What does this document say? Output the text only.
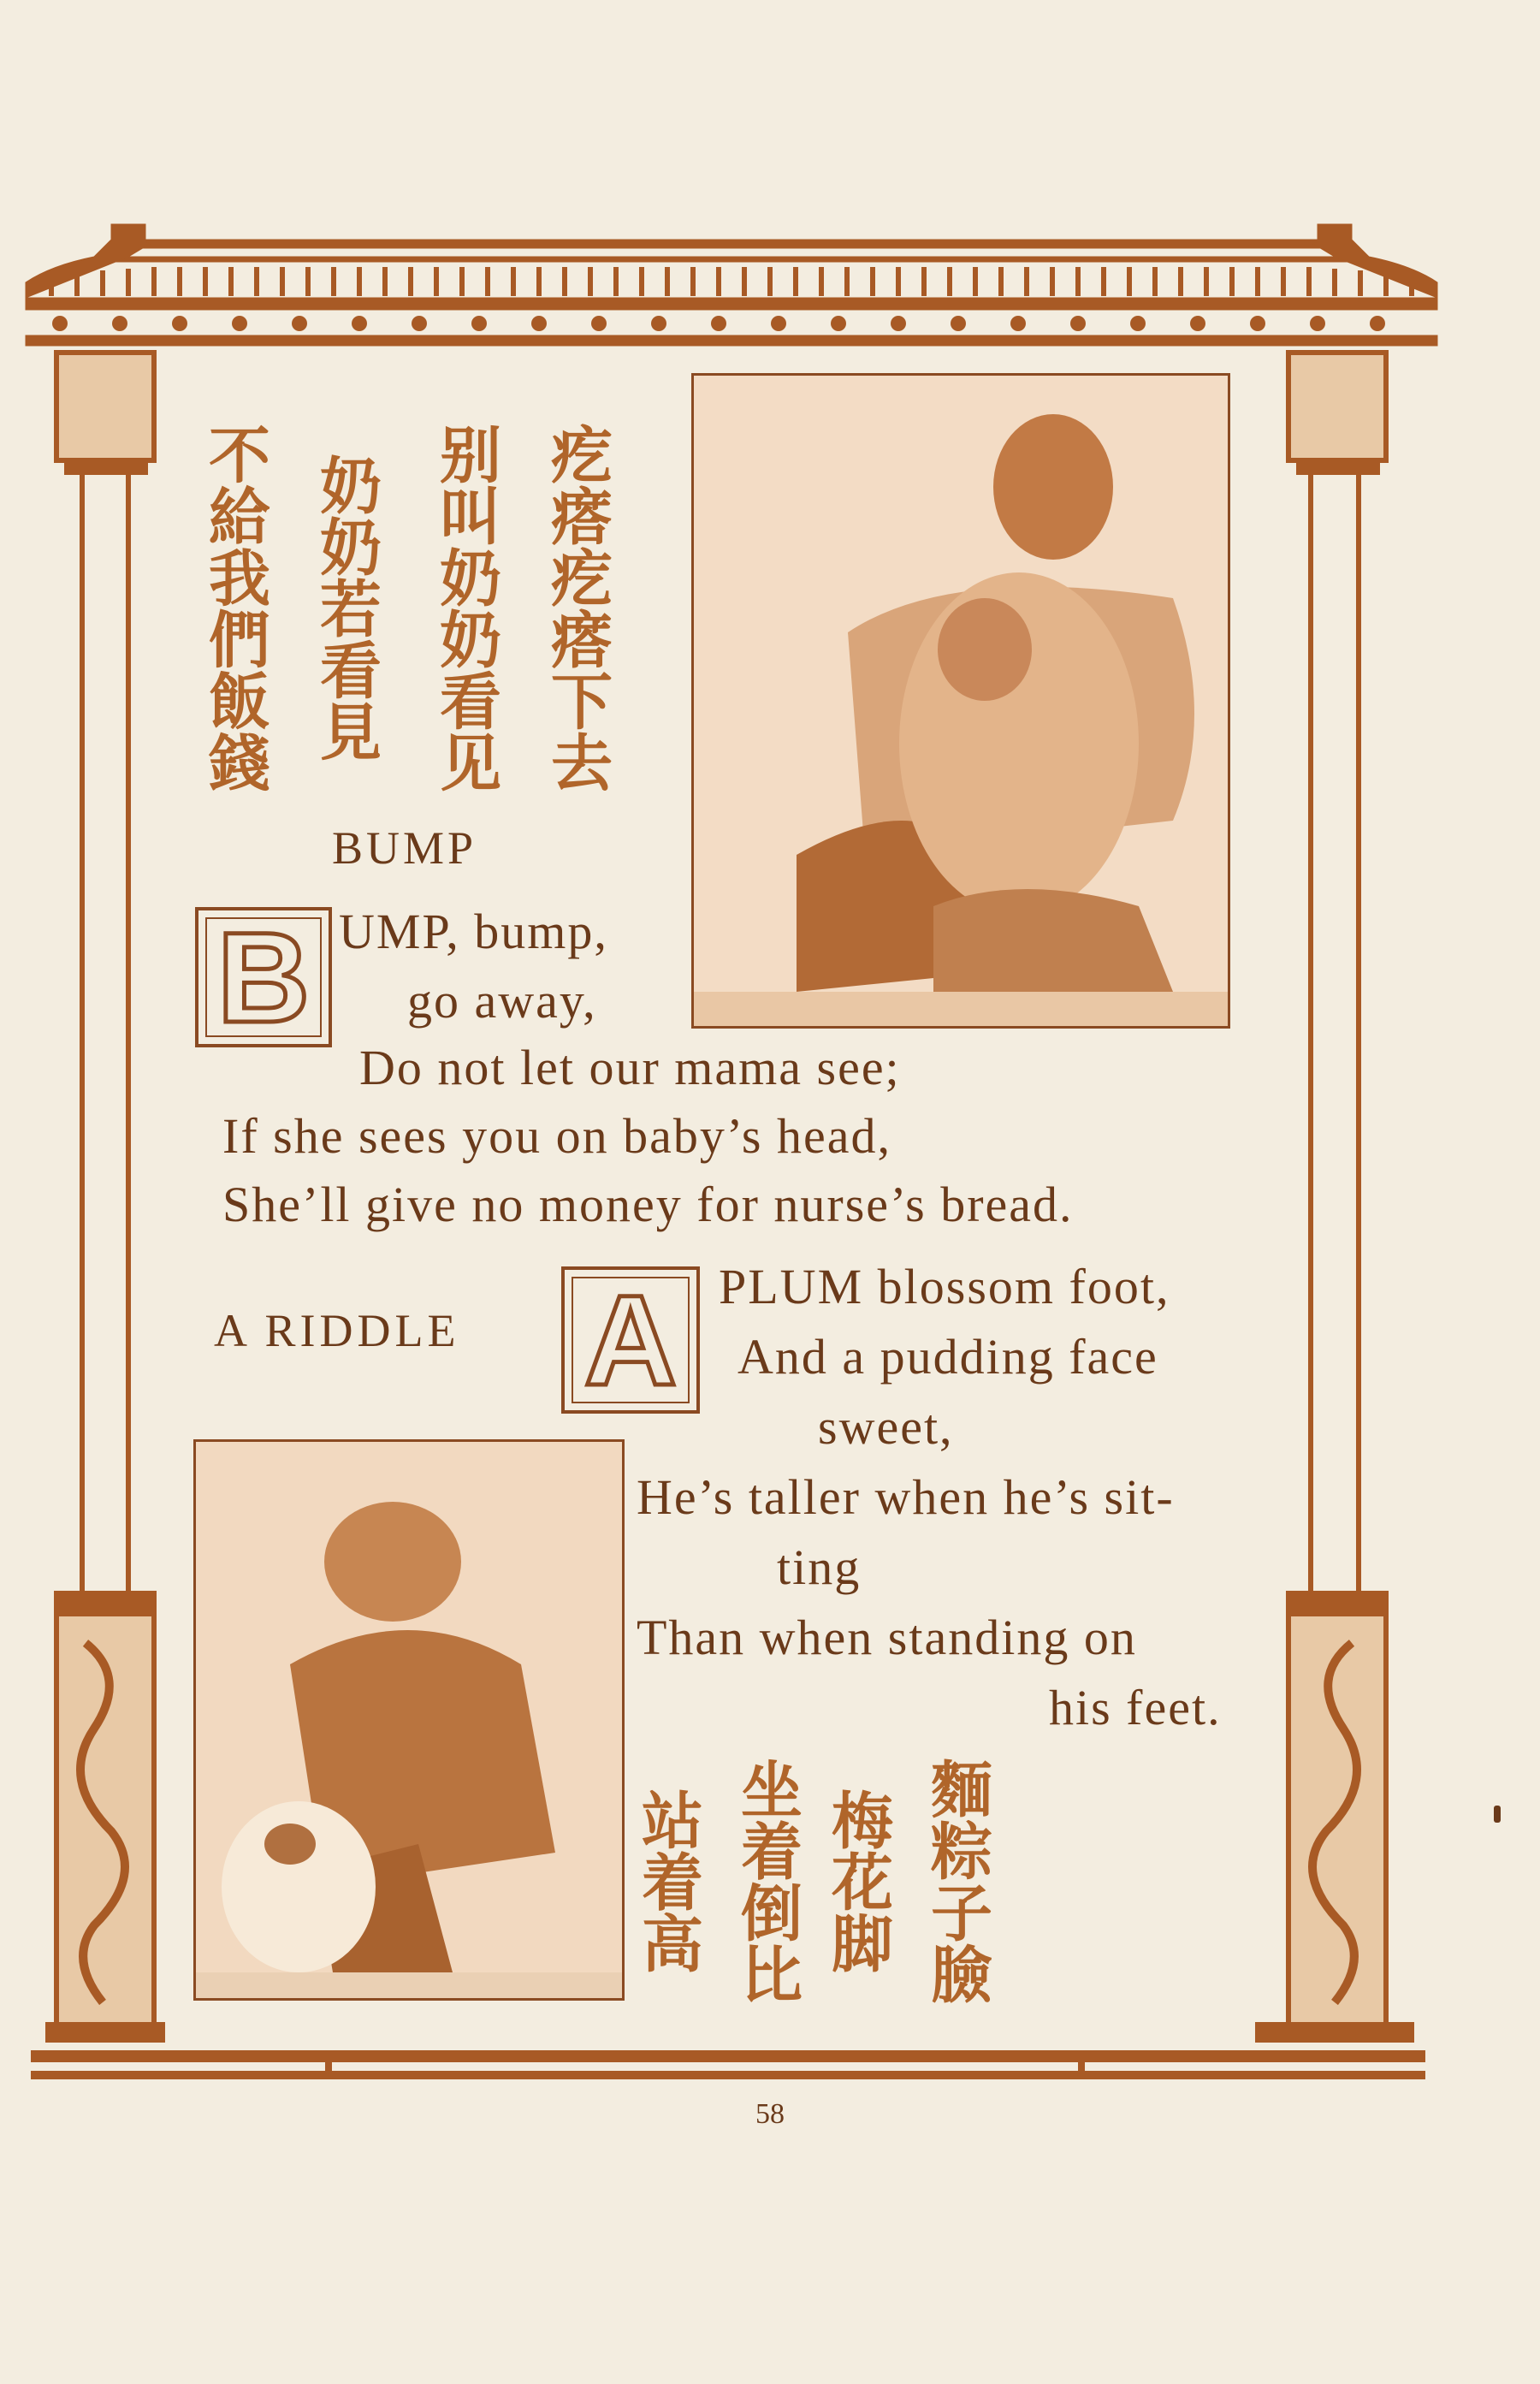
疙瘩疙瘩下去
别叫奶奶看见
奶奶若看見
不給我們飯錢
BUMP
B UMP, bump,
go away,
Do not let our mama see;
If she sees you on baby’s head,
She’ll give no money for nurse’s bread.
A RIDDLE A PLUM blossom foot,
And a pudding face
sweet,
He’s taller when he’s sit-
ting
Than when standing on
his feet.
麵粽子臉
梅花脚
坐着倒比
站着高
58
